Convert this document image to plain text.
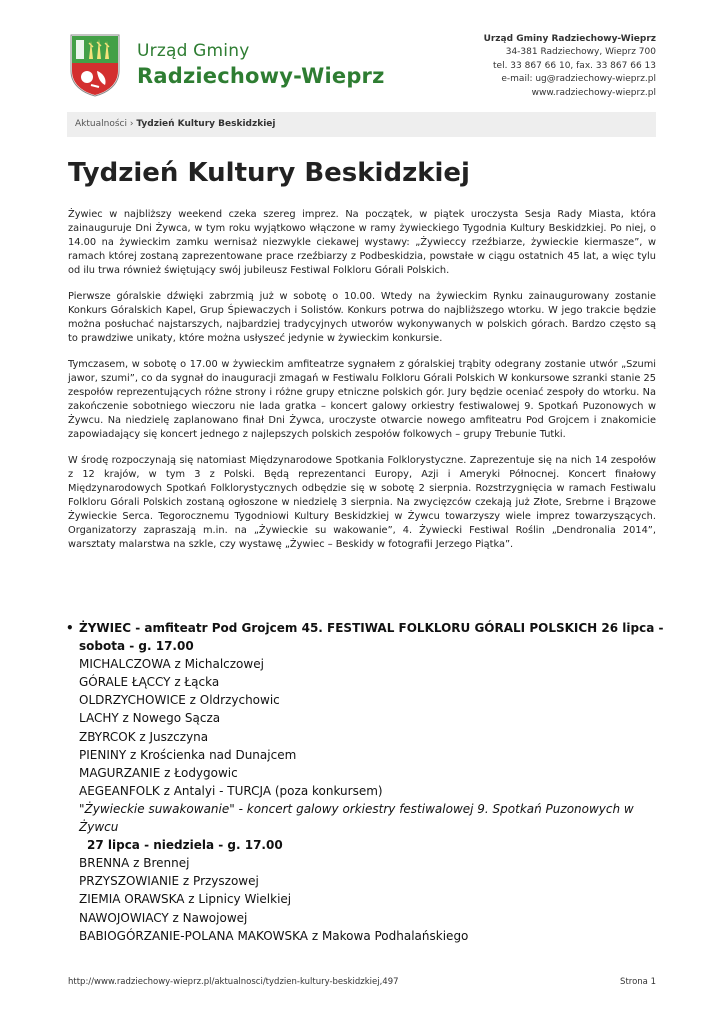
Urząd Gminy
Radziechowy-Wieprz
Urząd Gminy Radziechowy-Wieprz
34-381 Radziechowy, Wieprz 700
tel. 33 867 66 10, fax. 33 867 66 13
e-mail: ug@radziechowy-wieprz.pl
www.radziechowy-wieprz.pl
Aktualności › Tydzień Kultury Beskidzkiej
Tydzień Kultury Beskidzkiej

Żywiec w najbliższy weekend czeka szereg imprez. Na początek, w piątek uroczysta Sesja Rady Miasta, która zainauguruje Dni Żywca, w tym roku wyjątkowo włączone w ramy żywieckiego Tygodnia Kultury Beskidzkiej. Po niej, o 14.00 na żywieckim zamku wernisaż niezwykle ciekawej wystawy: „Żywieccy rzeźbiarze, żywieckie kiermasze”, w ramach której zostaną zaprezentowane prace rzeźbiarzy z Podbeskidzia, powstałe w ciągu ostatnich 45 lat, a więc tylu od ilu trwa również świętujący swój jubileusz Festiwal Folkloru Górali Polskich.

Pierwsze góralskie dźwięki zabrzmią już w sobotę o 10.00. Wtedy na żywieckim Rynku zainaugurowany zostanie Konkurs Góralskich Kapel, Grup Śpiewaczych i Solistów. Konkurs potrwa do najbliższego wtorku. W jego trakcie będzie można posłuchać najstarszych, najbardziej tradycyjnych utworów wykonywanych w polskich górach. Bardzo często są to prawdziwe unikaty, które można usłyszeć jedynie w żywieckim konkursie.

Tymczasem, w sobotę o 17.00 w żywieckim amfiteatrze sygnałem z góralskiej trąbity odegrany zostanie utwór „Szumi jawor, szumi”, co da sygnał do inauguracji zmagań w Festiwalu Folkloru Górali Polskich W konkursowe szranki stanie 25 zespołów reprezentujących różne strony i różne grupy etniczne polskich gór. Jury będzie oceniać zespoły do wtorku. Na zakończenie sobotniego wieczoru nie lada gratka – koncert galowy orkiestry festiwalowej 9. Spotkań Puzonowych w Żywcu. Na niedzielę zaplanowano finał Dni Żywca, uroczyste otwarcie nowego amfiteatru Pod Grojcem i znakomicie zapowiadający się koncert jednego z najlepszych polskich zespołów folkowych – grupy Trebunie Tutki.

W środę rozpoczynają się natomiast Międzynarodowe Spotkania Folklorystyczne. Zaprezentuje się na nich 14 zespołów z 12 krajów, w tym 3 z Polski. Będą reprezentanci Europy, Azji i Ameryki Północnej. Koncert finałowy Międzynarodowych Spotkań Folklorystycznych odbędzie się w sobotę 2 sierpnia. Rozstrzygnięcia w ramach Festiwalu Folkloru Górali Polskich zostaną ogłoszone w niedzielę 3 sierpnia. Na zwycięzców czekają już Złote, Srebrne i Brązowe Żywieckie Serca. Tegorocznemu Tygodniowi Kultury Beskidzkiej w Żywcu towarzyszy wiele imprez towarzyszących. Organizatorzy zapraszają m.in. na „Żywieckie su wakowanie”, 4. Żywiecki Festiwal Roślin „Dendronalia 2014”, warsztaty malarstwa na szkle, czy wystawę „Żywiec – Beskidy w fotografii Jerzego Piątka”.

• ŻYWIEC - amfiteatr Pod Grojcem 45. FESTIWAL FOLKLORU GÓRALI POLSKICH 26 lipca - sobota - g. 17.00
MICHALCZOWA z Michalczowej
GÓRALE ŁĄCCY z Łącka
OLDRZYCHOWICE z Oldrzychowic
LACHY z Nowego Sącza
ZBYRCOK z Juszczyna
PIENINY z Krościenka nad Dunajcem
MAGURZANIE z Łodygowic
AEGEANFOLK z Antalyi - TURCJA (poza konkursem)
"Żywieckie suwakowanie" - koncert galowy orkiestry festiwalowej 9. Spotkań Puzonowych w Żywcu
27 lipca - niedziela - g. 17.00
BRENNA z Brennej
PRZYSZOWIANIE z Przyszowej
ZIEMIA ORAWSKA z Lipnicy Wielkiej
NAWOJOWIACY z Nawojowej
BABIOGÓRZANIE-POLANA MAKOWSKA z Makowa Podhalańskiego
http://www.radziechowy-wieprz.pl/aktualnosci/tydzien-kultury-beskidzkiej,497	Strona 1
